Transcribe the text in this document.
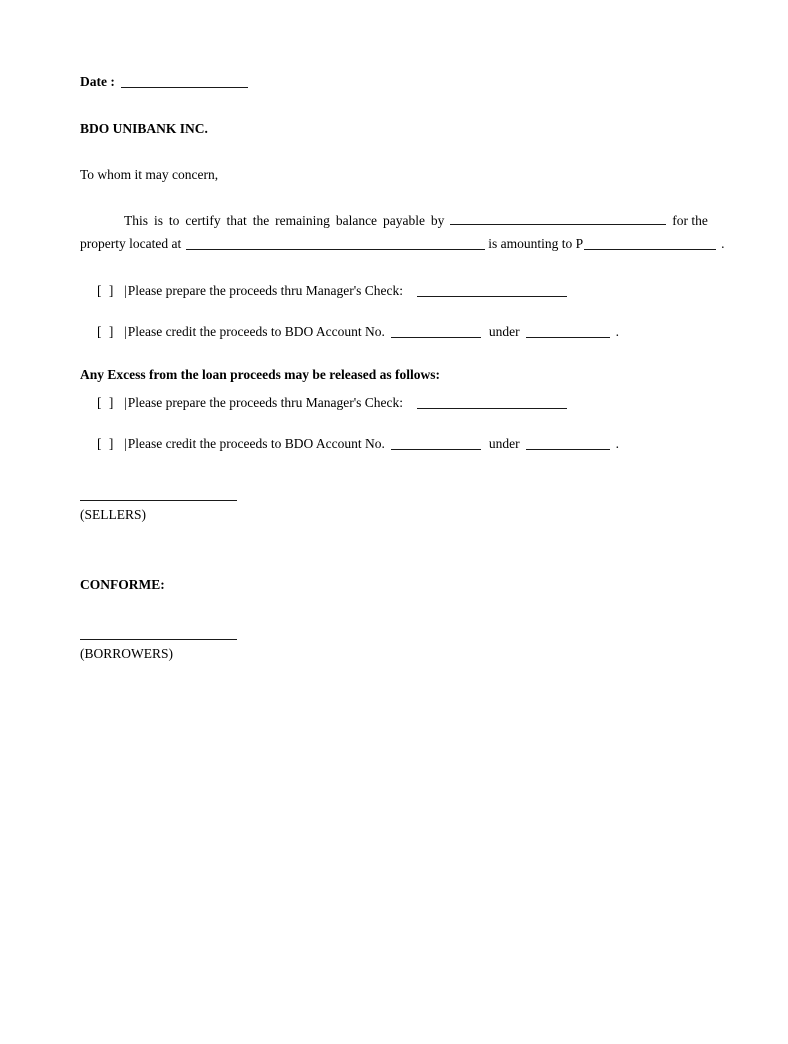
Date :
BDO UNIBANK INC.
To whom it may concern,
This is to certify that the remaining balance payable by	for the
property located at	is amounting to P	.
[ ] |Please prepare the proceeds thru Manager's Check:
[ ] |Please credit the proceeds to BDO Account No.	under	.
Any Excess from the loan proceeds may be released as follows:
[ ] |Please prepare the proceeds thru Manager's Check:
[ ] |Please credit the proceeds to BDO Account No.	under	.
(SELLERS)
CONFORME:
(BORROWERS)
